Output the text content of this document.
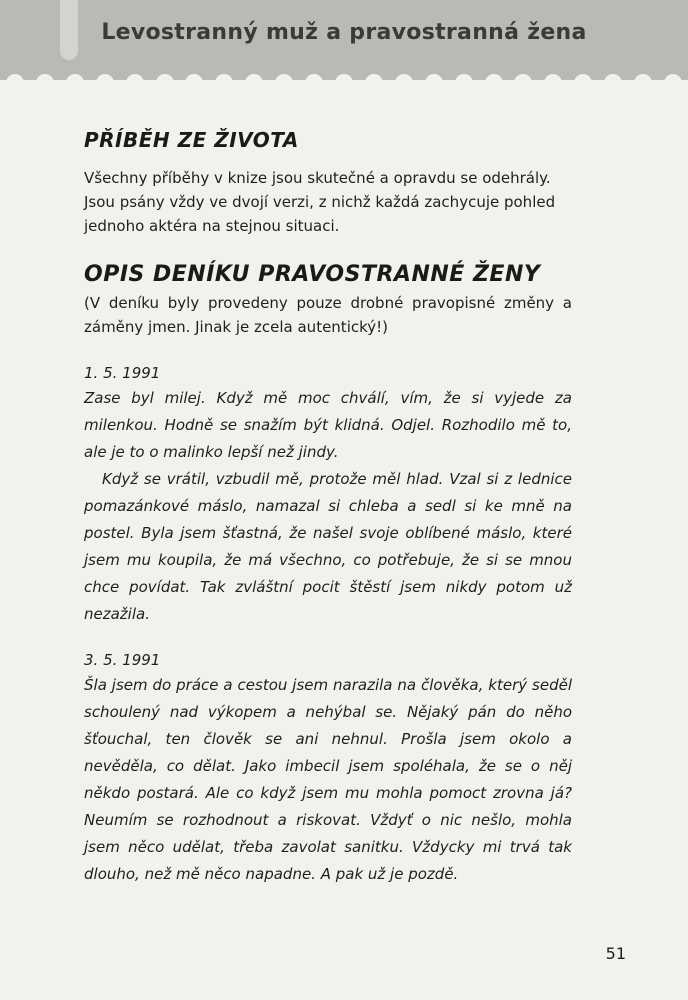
Levostranný muž a pravostranná žena
PŘÍBĚH ZE ŽIVOTA

Všechny příběhy v knize jsou skutečné a opravdu se odehrály. Jsou psány vždy ve dvojí verzi, z nichž každá zachycuje pohled jednoho aktéra na stejnou situaci.

OPIS DENÍKU PRAVOSTRANNÉ ŽENY

(V deníku byly provedeny pouze drobné pravopisné změny a záměny jmen. Jinak je zcela autentický!)

1. 5. 1991

Zase byl milej. Když mě moc chválí, vím, že si vyjede za milenkou. Hodně se snažím být klidná. Odjel. Rozhodilo mě to, ale je to o malinko lepší než jindy.

Když se vrátil, vzbudil mě, protože měl hlad. Vzal si z lednice pomazánkové máslo, namazal si chleba a sedl si ke mně na postel. Byla jsem šťastná, že našel svoje oblíbené máslo, které jsem mu koupila, že má všechno, co potřebuje, že si se mnou chce povídat. Tak zvláštní pocit štěstí jsem nikdy potom už nezažila.

3. 5. 1991

Šla jsem do práce a cestou jsem narazila na člověka, který seděl schoulený nad výkopem a nehýbal se. Nějaký pán do něho šťouchal, ten člověk se ani nehnul. Prošla jsem okolo a nevěděla, co dělat. Jako imbecil jsem spoléhala, že se o něj někdo postará. Ale co když jsem mu mohla pomoct zrovna já? Neumím se rozhodnout a riskovat. Vždyť o nic nešlo, mohla jsem něco udělat, třeba zavolat sanitku. Vždycky mi trvá tak dlouho, než mě něco napadne. A pak už je pozdě.

51
